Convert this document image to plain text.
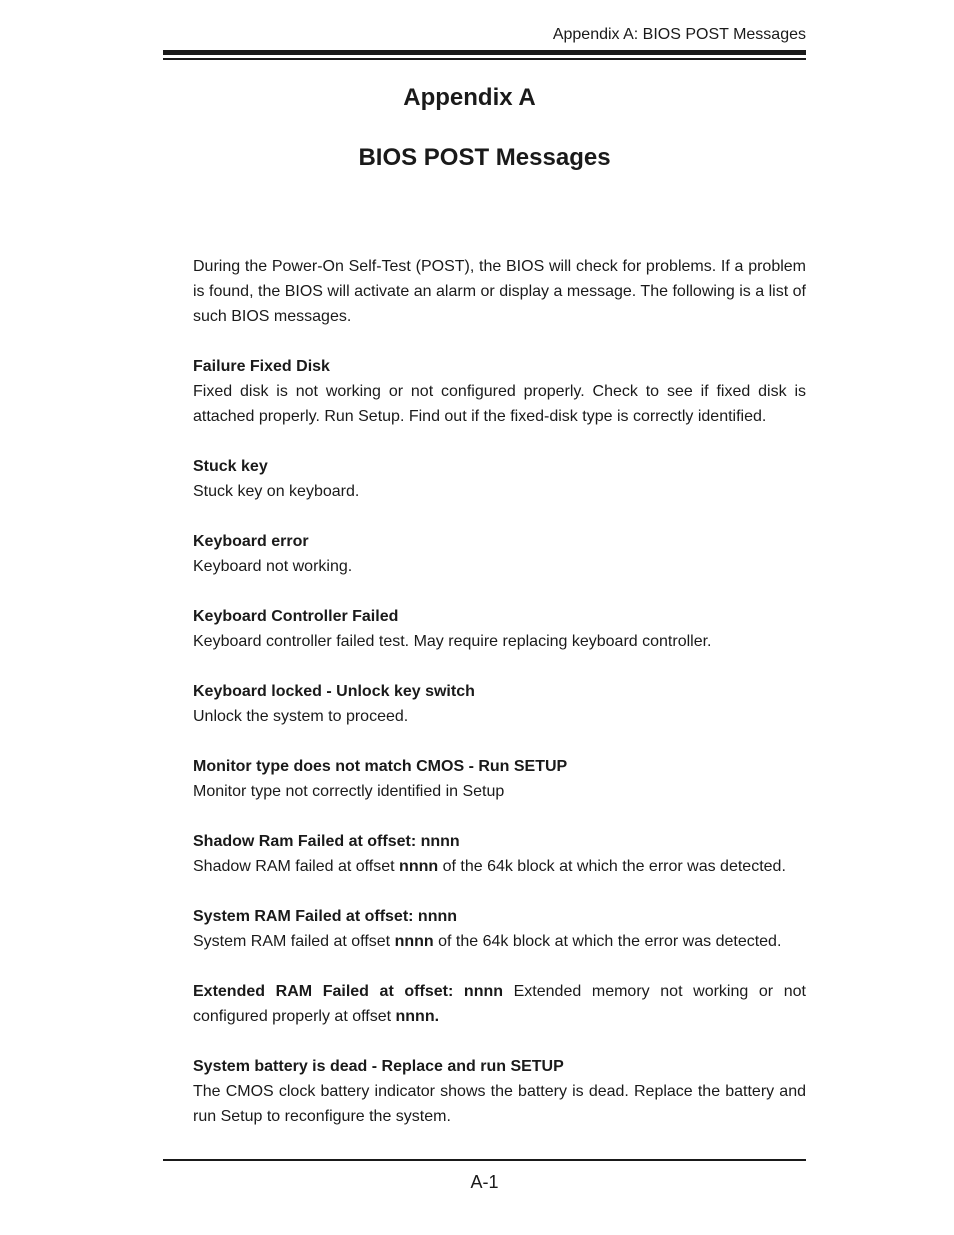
Appendix A: BIOS POST Messages
Appendix A
BIOS POST Messages

During the Power-On Self-Test (POST), the BIOS will check for problems. If a problem is found, the BIOS will activate an alarm or display a message. The following is a list of such BIOS messages.

Failure Fixed Disk

Fixed disk is not working or not configured properly. Check to see if fixed disk is attached properly. Run Setup. Find out if the fixed-disk type is correctly identified.

Stuck key

Stuck key on keyboard.

Keyboard error

Keyboard not working.

Keyboard Controller Failed

Keyboard controller failed test. May require replacing keyboard controller.

Keyboard locked - Unlock key switch

Unlock the system to proceed.

Monitor type does not match CMOS - Run SETUP

Monitor type not correctly identified in Setup

Shadow Ram Failed at offset: nnnn

Shadow RAM failed at offset nnnn of the 64k block at which the error was detected.

System RAM Failed at offset: nnnn

System RAM failed at offset nnnn of the 64k block at which the error was detected.

Extended RAM Failed at offset: nnnn Extended memory not working or not configured properly at offset nnnn.

System battery is dead - Replace and run SETUP

The CMOS clock battery indicator shows the battery is dead. Replace the battery and run Setup to reconfigure the system.

A-1
